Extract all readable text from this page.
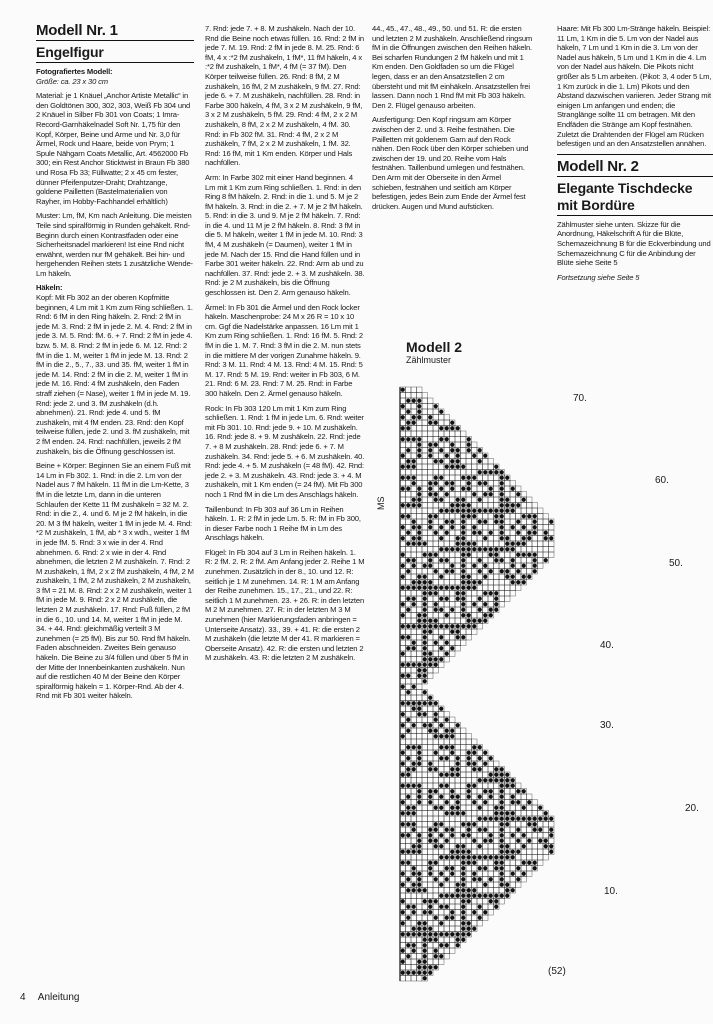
Modell Nr. 1
Engelfigur

Fotografiertes Modell:

Größe: ca. 23 x 30 cm

Material: je 1 Knäuel „Anchor Artiste Metallic“ in den Goldtönen 300, 302, 303, Weiß Fb 304 und 2 Knäuel in Silber Fb 301 von Coats; 1 Imra-Record-Garnhäkelnadel Soft Nr. 1,75 für den Kopf, Körper, Beine und Arme und Nr. 3,0 für Ärmel, Rock und Haare, beide von Prym; 1 Spule Nähgarn Coats Metallic, Art. 4562000 Fb 300; ein Rest Anchor Sticktwist in Braun Fb 380 und Rosa Fb 33; Füllwatte; 2 x 45 cm fester, dünner Pfeifenputzer-Draht; Drahtzange, goldene Pailletten (Bastelmaterialien von Rayher, im Hobby-Fachhandel erhältlich)

Muster: Lm, fM, Km nach Anleitung. Die meisten Teile sind spiralförmig in Runden gehäkelt. Rnd-Beginn durch einen Kontrastfaden oder eine Sicherheitsnadel markieren! Ist eine Rnd nicht erwähnt, werden nur fM gehäkelt. Bei hin- und hergehenden Reihen stets 1 zusätzliche Wende-Lm häkeln.

Häkeln:

Kopf: Mit Fb 302 an der oberen Kopfmitte beginnen, 4 Lm mit 1 Km zum Ring schließen. 1. Rnd: 6 fM in den Ring häkeln. 2. Rnd: 2 fM in jede M. 3. Rnd: 2 fM in jede 2. M. 4. Rnd: 2 fM in jede 3. M. 5. Rnd: fM. 6. + 7. Rnd: 2 fM in jede 4. bzw. 5. M. 8. Rnd: 2 fM in jede 6. M. 12. Rnd: 2 fM in die 1. M, weiter 1 fM in jede M. 13. Rnd: 2 fM in die 2., 5., 7., 33. und 35. fM, weiter 1 fM in jede M. 14. Rnd: 2 fM in die 2. M, weiter 1 fM in jede M. 16. Rnd: 4 fM zushäkeln, den Faden straff ziehen (= Nase), weiter 1 fM in jede M. 19. Rnd: jede 2. und 3. fM zushäkeln (d.h. abnehmen). 21. Rnd: jede 4. und 5. fM zushäkeln, mit 4 fM enden. 23. Rnd: den Kopf teilweise füllen, jede 2. und 3. fM zushäkeln, mit 2 fM enden. 24. Rnd: nachfüllen, jeweils 2 fM zushäkeln, bis die Öffnung geschlossen ist.

Beine + Körper: Beginnen Sie an einem Fuß mit 14 Lm in Fb 302. 1. Rnd: in die 2. Lm von der Nadel aus 7 fM häkeln. 11 fM in die Lm-Kette, 3 fM in die letzte Lm, dann in die unteren Schlaufen der Kette 11 fM zushäkeln = 32 M. 2. Rnd: in die 2., 4. und 6. M je 2 fM häkeln, in die 20. M 3 fM häkeln, weiter 1 fM in jede M. 4. Rnd: *2 M zushäkeln, 1 fM, ab * 3 x wdh., weiter 1 fM in jede fM. 5. Rnd: 3 x wie in der 4. Rnd abnehmen. 6. Rnd: 2 x wie in der 4. Rnd abnehmen, die letzten 2 M zushäkeln. 7. Rnd: 2 M zushäkeln, 1 fM, 2 x 2 fM zushäkeln, 4 fM, 2 M zushäkeln, 1 fM, 2 M zushäkeln, 2 M zushäkeln, 3 fM = 21 M. 8. Rnd: 2 x 2 M zushäkeln, weiter 1 fM in jede M. 9. Rnd: 2 x 2 M zushäkeln, die letzten 2 M zushäkeln. 17. Rnd: Fuß füllen, 2 fM in die 6., 10. und 14. M, weiter 1 fM in jede M. 34. + 44. Rnd: gleichmäßig verteilt 3 M zunehmen (= 25 fM). Bis zur 50. Rnd fM häkeln. Faden abschneiden. Zweites Bein genauso häkeln. Die Beine zu 3/4 füllen und über 5 fM in der Mitte der Innenbeinkanten zushäkeln. Nun auf die restlichen 40 M der Beine den Körper spiralförmig häkeln = 1. Körper-Rnd. Ab der 4. Rnd mit Fb 301 weiter häkeln.

7. Rnd: jede 7. + 8. M zushäkeln. Nach der 10. Rnd die Beine noch etwas füllen. 16. Rnd: 2 fM in jede 7. M. 19. Rnd: 2 fM in jede 8. M. 25. Rnd: 6 fM, 4 x :*2 fM zushäkeln, 1 fM*, 11 fM häkeln, 4 x :*2 fM zushäkeln, 1 fM*, 4 fM (= 37 fM). Den Körper teilweise füllen. 26. Rnd: 8 fM, 2 M zushäkeln, 16 fM, 2 M zushäkeln, 9 fM. 27. Rnd: jede 6. + 7. M zushäkeln, nachfüllen. 28. Rnd: in Farbe 300 häkeln, 4 fM, 3 x 2 M zushäkeln, 9 fM, 3 x 2 M zushäkeln, 5 fM. 29. Rnd: 4 fM, 2 x 2 M zushäkeln, 8 fM, 2 x 2 M zushäkeln, 4 fM. 30. Rnd: in Fb 302 fM. 31. Rnd: 4 fM, 2 x 2 M zushäkeln, 7 fM, 2 x 2 M zushäkeln, 1 fM. 32. Rnd: 16 fM, mit 1 Km enden. Körper und Hals nachfüllen.

Arm: In Farbe 302 mit einer Hand beginnen. 4 Lm mit 1 Km zum Ring schließen. 1. Rnd: in den Ring 8 fM häkeln. 2. Rnd: in die 1. und 5. M je 2 fM häkeln. 3. Rnd: in die 2. + 7. M je 2 fM häkeln. 5. Rnd: in die 3. und 9. M je 2 fM häkeln. 7. Rnd: in die 4. und 11 M je 2 fM häkeln. 8. Rnd: 3 fM in die 5. M häkeln, weiter 1 fM in jede M. 10. Rnd: 3 fM, 4 M zushäkeln (= Daumen), weiter 1 fM in jede M. Nach der 15. Rnd die Hand füllen und in Farbe 301 weiter häkeln. 22. Rnd: Arm ab und zu nachfüllen. 37. Rnd: jede 2. + 3. M zushäkeln. 38. Rnd: je 2 M zushäkeln, bis die Öffnung geschlossen ist. Den 2. Arm genauso häkeln.

Ärmel: In Fb 301 die Ärmel und den Rock locker häkeln. Maschenprobe: 24 M x 26 R = 10 x 10 cm. Ggf die Nadelstärke anpassen. 16 Lm mit 1 Km zum Ring schließen. 1. Rnd: 16 fM. 5. Rnd: 2 fM in die 1. M. 7. Rnd: 3 fM in die 2. M. nun stets in die mittlere M der vorigen Zunahme häkeln. 9. Rnd: 3 M. 11. Rnd: 4 M. 13. Rnd: 4 M. 15. Rnd: 5 M. 17. Rnd: 5 M. 19. Rnd: weiter in Fb 303, 6 M. 21. Rnd: 6 M. 23. Rnd: 7 M. 25. Rnd: in Farbe 300 häkeln. Den 2. Ärmel genauso häkeln.

Rock: In Fb 303 120 Lm mit 1 Km zum Ring schließen. 1. Rnd: 1 fM in jede Lm. 6. Rnd: weiter mit Fb 301. 10. Rnd: jede 9. + 10. M zushäkeln. 16. Rnd: jede 8. + 9. M zushäkeln. 22. Rnd: jede 7. + 8 M zushäkeln. 28. Rnd: jede 6. + 7. M zushäkeln. 34. Rnd: jede 5. + 6. M zushäkeln. 40. Rnd: jede 4. + 5. M zushäkeln (= 48 fM). 42. Rnd: jede 2. + 3. M zushäkeln. 43. Rnd: jede 3. + 4. M zushäkeln, mit 1 Km enden (= 24 fM). Mit Fb 300 noch 1 Rnd fM in die Lm des Anschlags häkeln.

Taillenbund: In Fb 303 auf 36 Lm in Reihen häkeln. 1. R: 2 fM in jede Lm. 5. R: fM in Fb 300, in dieser Farbe noch 1 Reihe fM in Lm des Anschlags häkeln.

Flügel: In Fb 304 auf 3 Lm in Reihen häkeln. 1. R: 2 fM. 2. R: 2 fM. Am Anfang jeder 2. Reihe 1 M zunehmen. Zusätzlich in der 8., 10. und 12. R: seitlich je 1 M zunehmen. 14. R: 1 M am Anfang der Reihe zunehmen. 15., 17., 21., und 22. R: seitlich 1 M zunehmen. 23. + 26. R: in den letzten M 2 M zunehmen. 27. R: in der letzten M 3 M zunehmen (hier Markierungsfaden anbringen = Unterseite Ansatz). 33., 39. + 41. R: die ersten 2 M zushäkeln (die letzte M der 41. R markieren = Oberseite Ansatz). 42. R: die ersten und letzten 2 M zushäkeln. 43. R: die letzten 2 M zushäkeln.

44., 45., 47., 48., 49., 50. und 51. R: die ersten und letzten 2 M zushäkeln. Anschließend ringsum fM in die Öffnungen zwischen den Reihen häkeln. Bei scharfen Rundungen 2 fM häkeln und mit 1 Km enden. Den Goldfaden so um die Flügel legen, dass er an den Ansatzstellen 2 cm übersteht und mit fM einhäkeln. Ansatzstellen frei lassen. Dann noch 1 Rnd fM mit Fb 303 häkeln. Den 2. Flügel genauso arbeiten.

Ausfertigung: Den Kopf ringsum am Körper zwischen der 2. und 3. Reihe festnähen. Die Pailletten mit goldenem Garn auf den Rock nähen. Den Rock über den Körper schieben und zwischen der 19. und 20. Reihe vom Hals festnähen. Taillenbund umlegen und festnähen. Den Arm mit der Oberseite in den Ärmel schieben, festnähen und seitlich am Körper befestigen, jedes Bein zum Ende der Ärmel fest drücken. Augen und Mund aufsticken.

Haare: Mit Fb 300 Lm-Stränge häkeln. Beispiel: 11 Lm, 1 Km in die 5. Lm von der Nadel aus häkeln, 7 Lm und 1 Km in die 3. Lm von der Nadel aus häkeln, 5 Lm und 1 Km in die 4. Lm von der Nadel aus häkeln. Die Pikots nicht größer als 5 Lm arbeiten. (Pikot: 3, 4 oder 5 Lm, 1 Km zurück in die 1. Lm) Pikots und den Abstand dazwischen variieren. Jeder Strang mit einigen Lm anfangen und enden; die Stranglänge sollte 11 cm betragen. Mit den Endfäden die Stränge am Kopf festnähen. Zuletzt die Drahtenden der Flügel am Rücken befestigen und an den Ansatzstellen annähen.

Modell Nr. 2
Elegante Tischdecke mit Bordüre

Zählmuster siehe unten. Skizze für die Anordnung, Häkelschrift A für die Blüte, Schemazeichnung B für die Eckverbindung und Schemazeichnung C für die Anbindung der Blüte siehe Seite 5

Fortsetzung siehe Seite 5

Modell 2
Zählmuster
MS
70.
60.
50.
40.
30.
20.
10.
(52)
4 Anleitung
